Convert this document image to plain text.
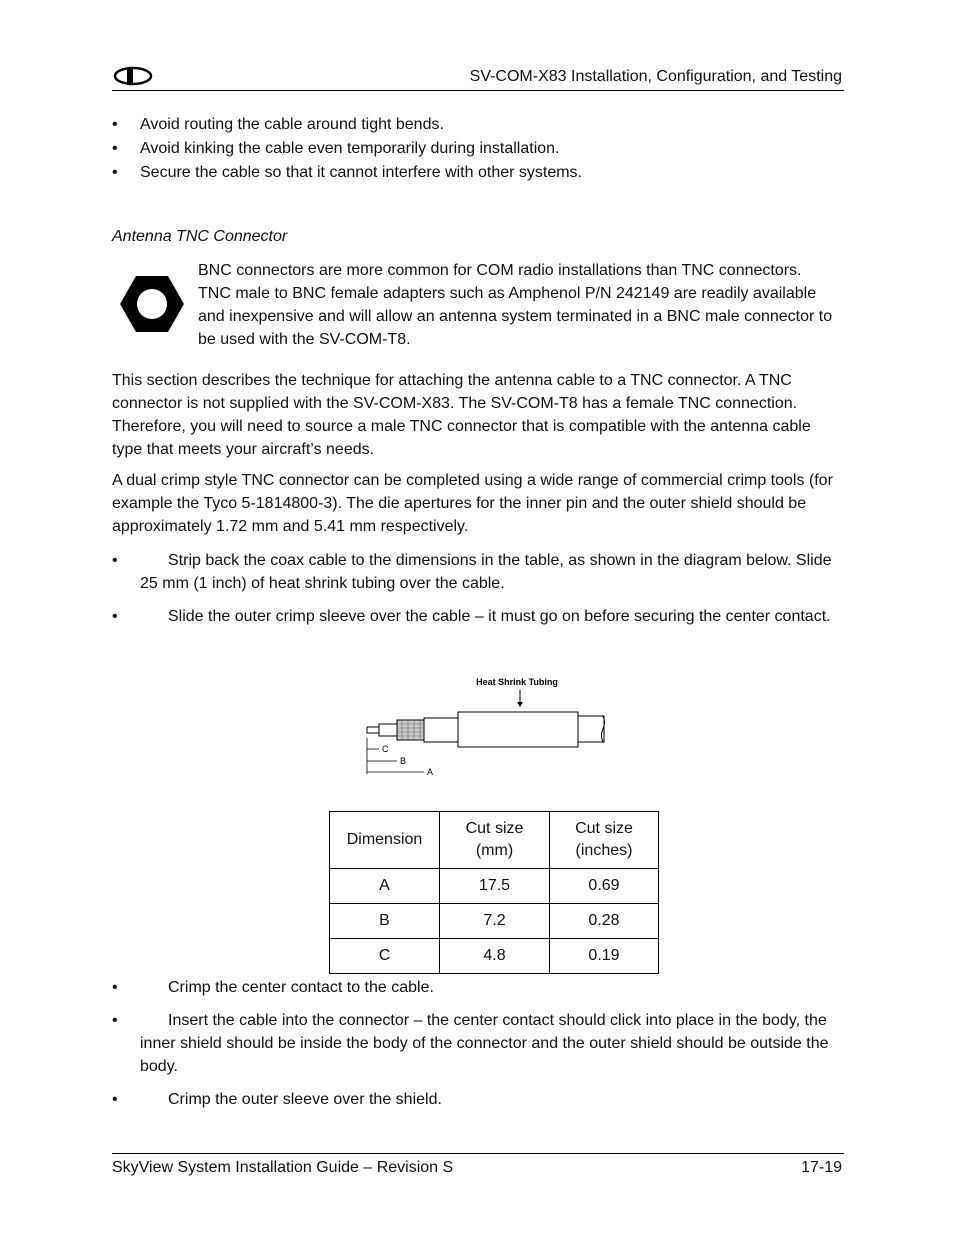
SV-COM-X83 Installation, Configuration, and Testing
• Avoid routing the cable around tight bends.
• Avoid kinking the cable even temporarily during installation.
• Secure the cable so that it cannot interfere with other systems.
Antenna TNC Connector
BNC connectors are more common for COM radio installations than TNC connectors. TNC male to BNC female adapters such as Amphenol P/N 242149 are readily available and inexpensive and will allow an antenna system terminated in a BNC male connector to be used with the SV-COM-T8.
This section describes the technique for attaching the antenna cable to a TNC connector. A TNC connector is not supplied with the SV-COM-X83. The SV-COM-T8 has a female TNC connection. Therefore, you will need to source a male TNC connector that is compatible with the antenna cable type that meets your aircraft’s needs.
A dual crimp style TNC connector can be completed using a wide range of commercial crimp tools (for example the Tyco 5-1814800-3). The die apertures for the inner pin and the outer shield should be approximately 1.72 mm and 5.41 mm respectively.
• Strip back the coax cable to the dimensions in the table, as shown in the diagram below. Slide 25 mm (1 inch) of heat shrink tubing over the cable.
• Slide the outer crimp sleeve over the cable – it must go on before securing the center contact.
Heat Shrink Tubing
C
B
A
Dimension	Cut size (mm)	Cut size (inches)
A	17.5	0.69
B	7.2	0.28
C	4.8	0.19
• Crimp the center contact to the cable.
• Insert the cable into the connector – the center contact should click into place in the body, the inner shield should be inside the body of the connector and the outer shield should be outside the body.
• Crimp the outer sleeve over the shield.
SkyView System Installation Guide – Revision S	17-19
